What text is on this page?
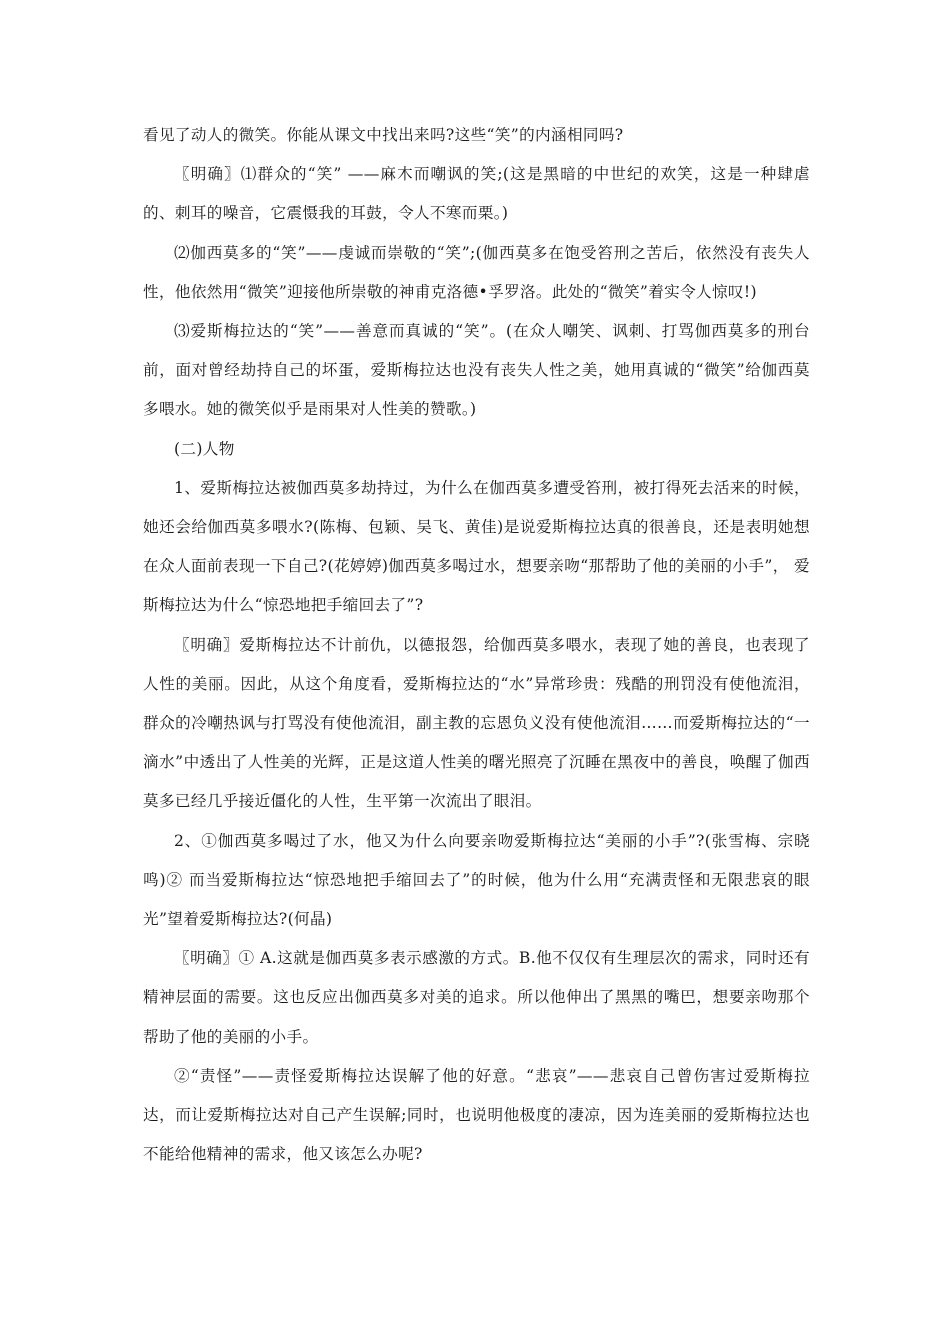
看见了动人的微笑。你能从课文中找出来吗?这些“笑”的内涵相同吗?

〖明确〗⑴群众的“笑” ——麻木而嘲讽的笑;(这是黑暗的中世纪的欢笑，这是一种肆虐的、刺耳的噪音，它震慑我的耳鼓，令人不寒而栗。)

⑵伽西莫多的“笑”——虔诚而崇敬的“笑”;(伽西莫多在饱受笞刑之苦后，依然没有丧失人性，他依然用“微笑”迎接他所崇敬的神甫克洛德•孚罗洛。此处的“微笑”着实令人惊叹!)

⑶爱斯梅拉达的“笑”——善意而真诚的“笑”。(在众人嘲笑、讽刺、打骂伽西莫多的刑台前，面对曾经劫持自己的坏蛋，爱斯梅拉达也没有丧失人性之美，她用真诚的“微笑”给伽西莫多喂水。她的微笑似乎是雨果对人性美的赞歌。)

(二)人物

1、爱斯梅拉达被伽西莫多劫持过，为什么在伽西莫多遭受笞刑，被打得死去活来的时候，她还会给伽西莫多喂水?(陈梅、包颖、吴飞、黄佳)是说爱斯梅拉达真的很善良，还是表明她想在众人面前表现一下自己?(花婷婷)伽西莫多喝过水，想要亲吻“那帮助了他的美丽的小手”， 爱斯梅拉达为什么“惊恐地把手缩回去了”?

〖明确〗爱斯梅拉达不计前仇，以德报怨，给伽西莫多喂水，表现了她的善良，也表现了人性的美丽。因此，从这个角度看，爱斯梅拉达的“水”异常珍贵：残酷的刑罚没有使他流泪，群众的冷嘲热讽与打骂没有使他流泪，副主教的忘恩负义没有使他流泪……而爱斯梅拉达的“一滴水”中透出了人性美的光辉，正是这道人性美的曙光照亮了沉睡在黑夜中的善良，唤醒了伽西莫多已经几乎接近僵化的人性，生平第一次流出了眼泪。

2、①伽西莫多喝过了水，他又为什么向要亲吻爱斯梅拉达“美丽的小手”?(张雪梅、宗晓鸣)② 而当爱斯梅拉达“惊恐地把手缩回去了”的时候，他为什么用“充满责怪和无限悲哀的眼光”望着爱斯梅拉达?(何晶)

〖明确〗① A.这就是伽西莫多表示感激的方式。B.他不仅仅有生理层次的需求，同时还有精神层面的需要。这也反应出伽西莫多对美的追求。所以他伸出了黑黑的嘴巴，想要亲吻那个帮助了他的美丽的小手。

②“责怪”——责怪爱斯梅拉达误解了他的好意。“悲哀”——悲哀自己曾伤害过爱斯梅拉达，而让爱斯梅拉达对自己产生误解;同时，也说明他极度的凄凉，因为连美丽的爱斯梅拉达也不能给他精神的需求，他又该怎么办呢?
